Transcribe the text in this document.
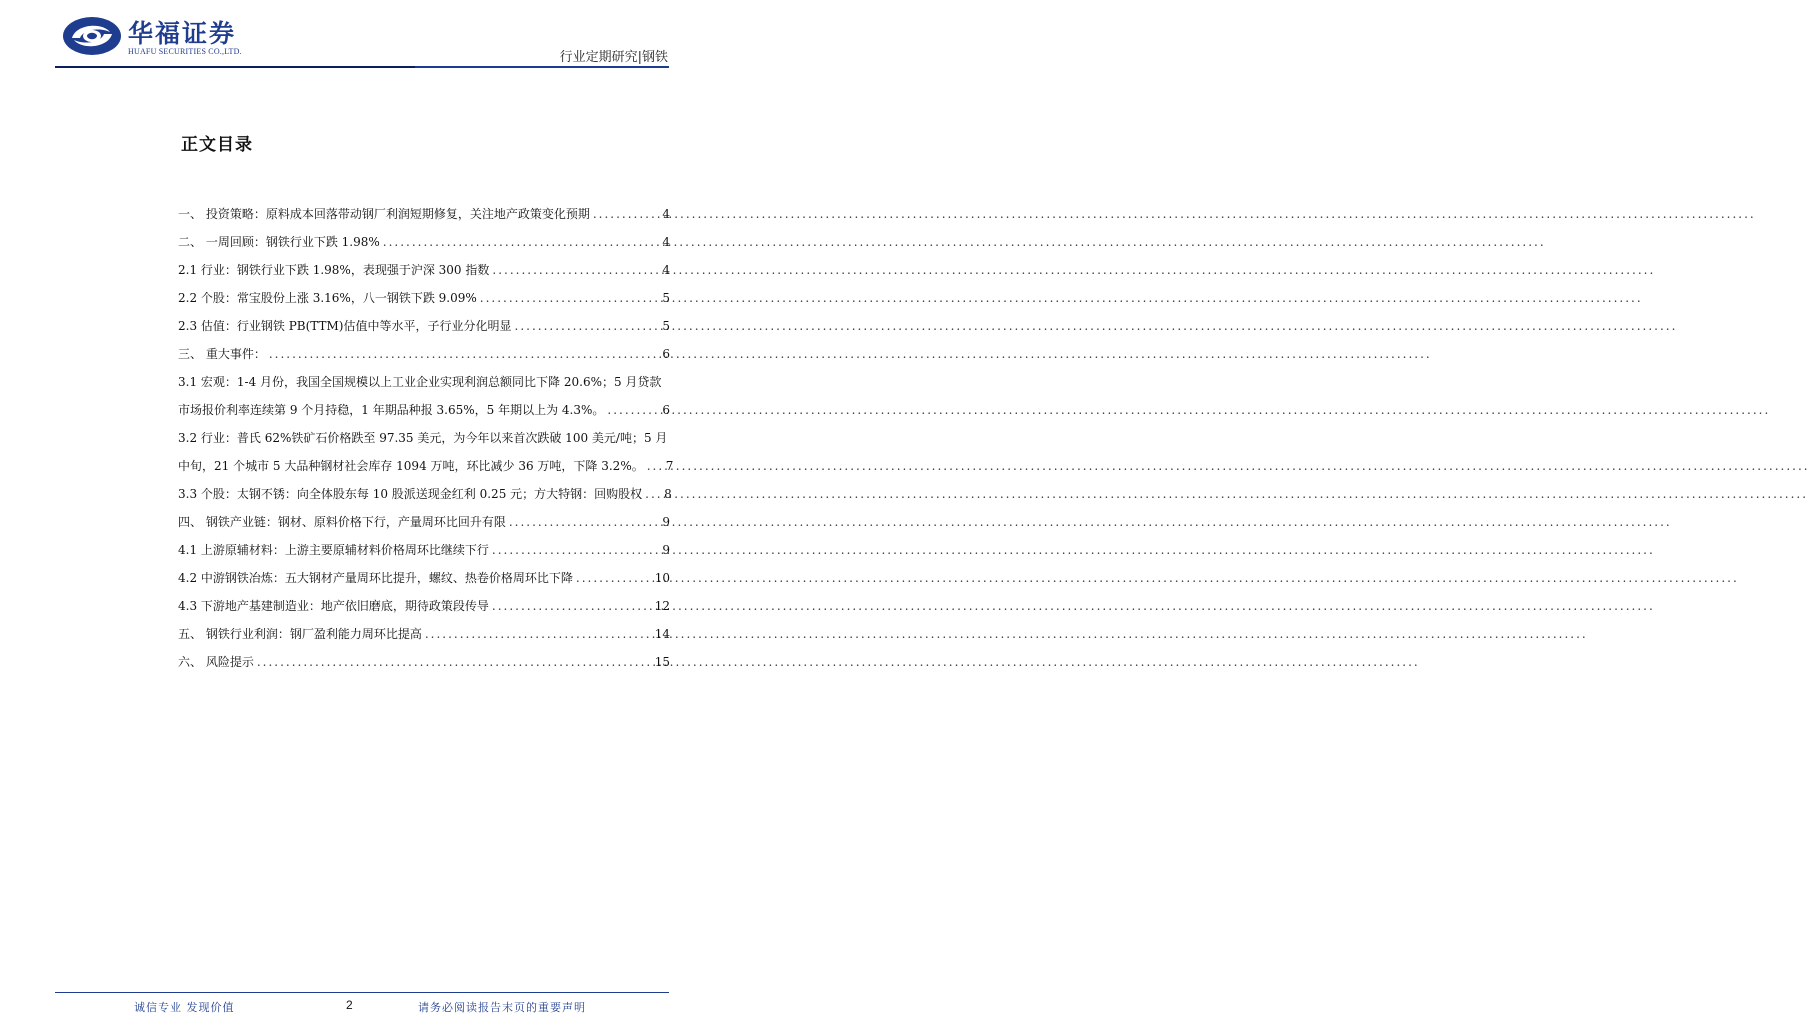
华福证券
HUAFU SECURITIES CO.,LTD.	行业定期研究|钢铁
正文目录
一、 投资策略：原料成本回落带动钢厂利润短期修复，关注地产政策变化预期 .....	4
二、 一周回顾：钢铁行业下跌 1.98% .....	4
2.1 行业：钢铁行业下跌 1.98%，表现强于沪深 300 指数 .....	4
2.2 个股：常宝股份上涨 3.16%，八一钢铁下跌 9.09% .....	5
2.3 估值：行业钢铁 PB(TTM)估值中等水平，子行业分化明显 .....	5
三、 重大事件： .....	6
3.1 宏观：1-4 月份，我国全国规模以上工业企业实现利润总额同比下降 20.6%；5 月贷款
市场报价利率连续第 9 个月持稳，1 年期品种报 3.65%，5 年期以上为 4.3%。 .....	6
3.2 行业：普氏 62%铁矿石价格跌至 97.35 美元，为今年以来首次跌破 100 美元/吨；5 月
中旬，21 个城市 5 大品种钢材社会库存 1094 万吨，环比减少 36 万吨，下降 3.2%。 ..... 7
3.3 个股：太钢不锈：向全体股东每 10 股派送现金红利 0.25 元；方大特钢：回购股权 ..... 8
四、 钢铁产业链：钢材、原料价格下行，产量周环比回升有限 .....	9
4.1 上游原辅材料：上游主要原辅材料价格周环比继续下行 .....	9
4.2 中游钢铁冶炼：五大钢材产量周环比提升，螺纹、热卷价格周环比下降 .....	10
4.3 下游地产基建制造业：地产依旧磨底，期待政策段传导 .....	12
五、 钢铁行业利润：钢厂盈利能力周环比提高 .....	14
六、 风险提示 .....	15
诚信专业 发现价值	2	请务必阅读报告末页的重要声明
